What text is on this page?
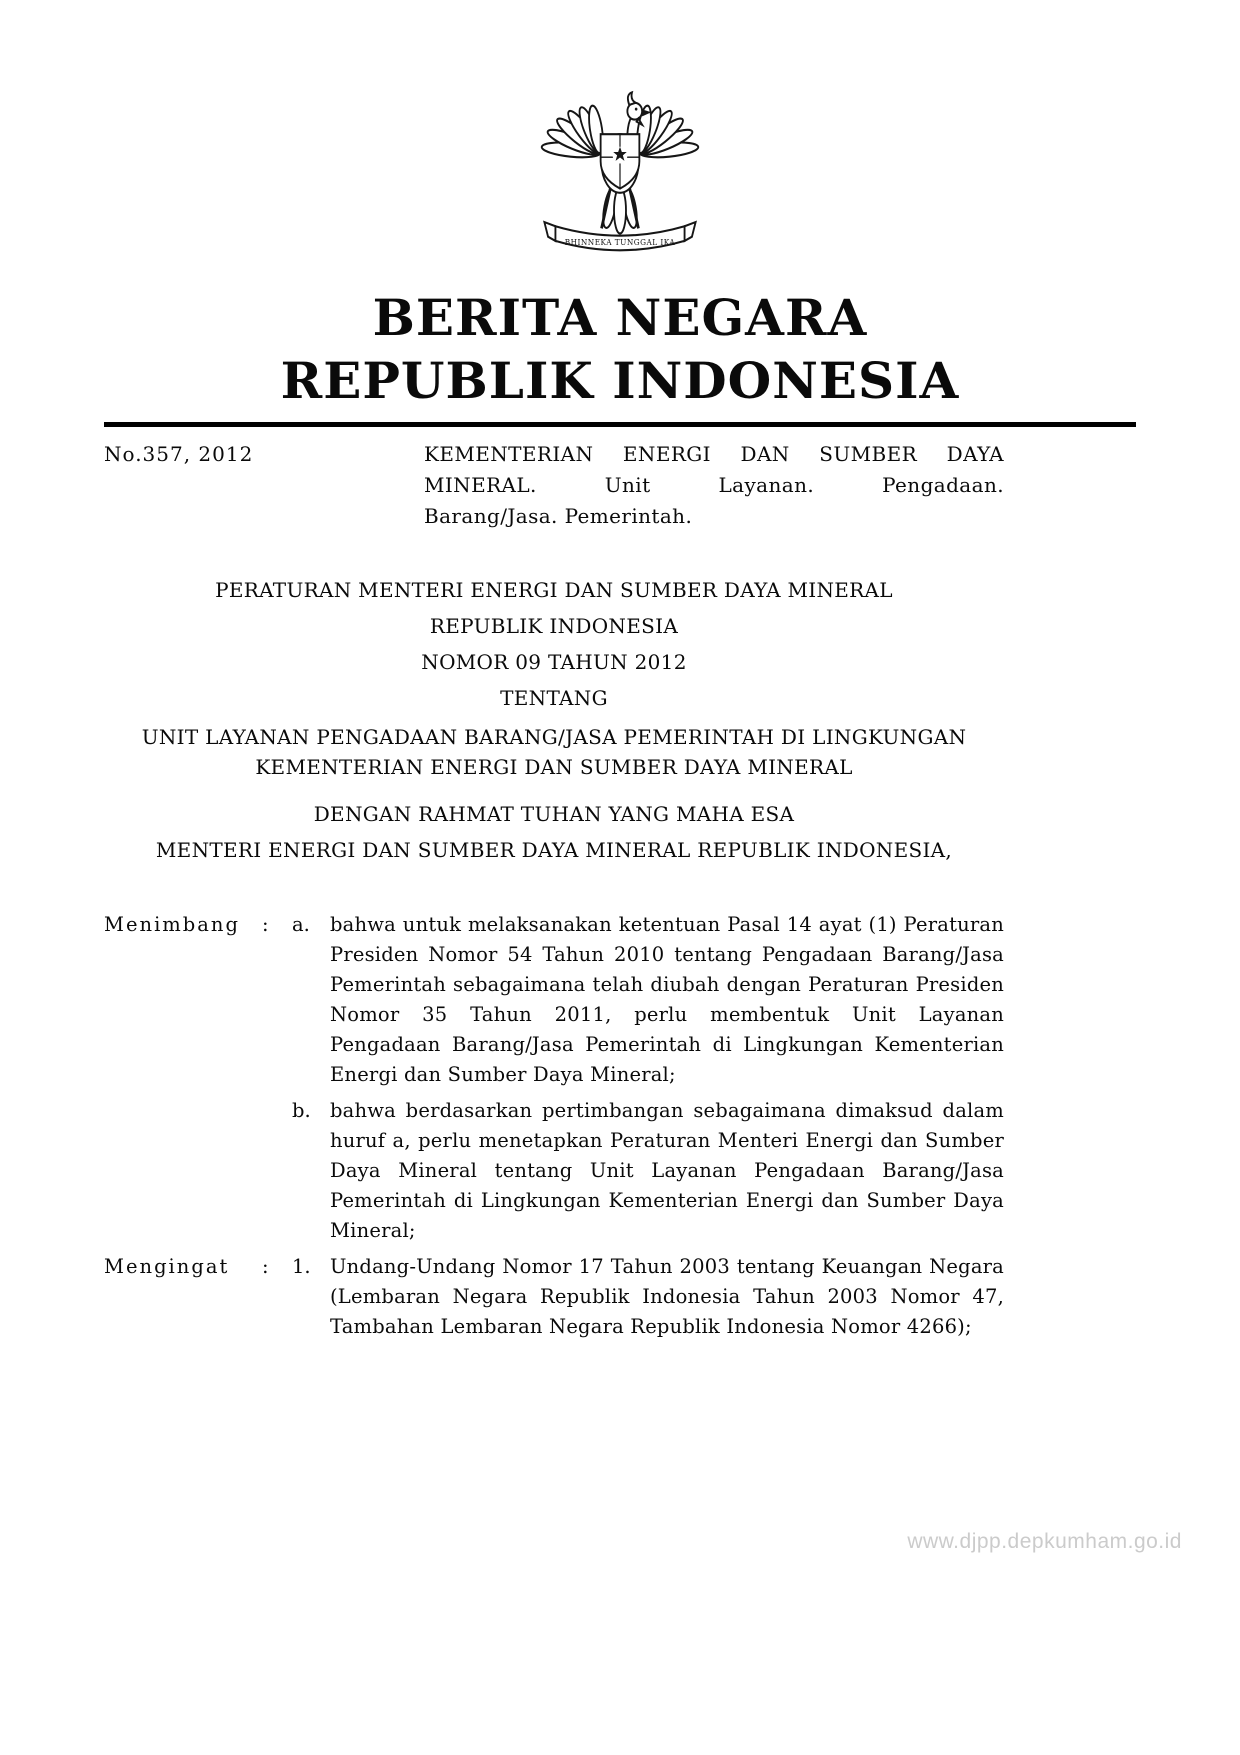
BHINNEKA TUNGGAL IKA
BERITA NEGARA
REPUBLIK INDONESIA
No.357, 2012	KEMENTERIAN ENERGI DAN SUMBER DAYA
MINERAL. Unit Layanan. Pengadaan.
Barang/Jasa. Pemerintah.
PERATURAN MENTERI ENERGI DAN SUMBER DAYA MINERAL
REPUBLIK INDONESIA
NOMOR 09 TAHUN 2012
TENTANG
UNIT LAYANAN PENGADAAN BARANG/JASA PEMERINTAH DI LINGKUNGAN KEMENTERIAN ENERGI DAN SUMBER DAYA MINERAL
DENGAN RAHMAT TUHAN YANG MAHA ESA
MENTERI ENERGI DAN SUMBER DAYA MINERAL REPUBLIK INDONESIA,
Menimbang	:	a.	bahwa untuk melaksanakan ketentuan Pasal 14 ayat (1) Peraturan Presiden Nomor 54 Tahun 2010 tentang Pengadaan Barang/Jasa Pemerintah sebagaimana telah diubah dengan Peraturan Presiden Nomor 35 Tahun 2011, perlu membentuk Unit Layanan Pengadaan Barang/Jasa Pemerintah di Lingkungan Kementerian Energi dan Sumber Daya Mineral;
b. bahwa berdasarkan pertimbangan sebagaimana dimaksud dalam huruf a, perlu menetapkan Peraturan Menteri Energi dan Sumber Daya Mineral tentang Unit Layanan Pengadaan Barang/Jasa Pemerintah di Lingkungan Kementerian Energi dan Sumber Daya Mineral;
Mengingat	:	1. Undang-Undang Nomor 17 Tahun 2003 tentang Keuangan Negara (Lembaran Negara Republik Indonesia Tahun 2003 Nomor 47, Tambahan Lembaran Negara Republik Indonesia Nomor 4266);
www.djpp.depkumham.go.id
